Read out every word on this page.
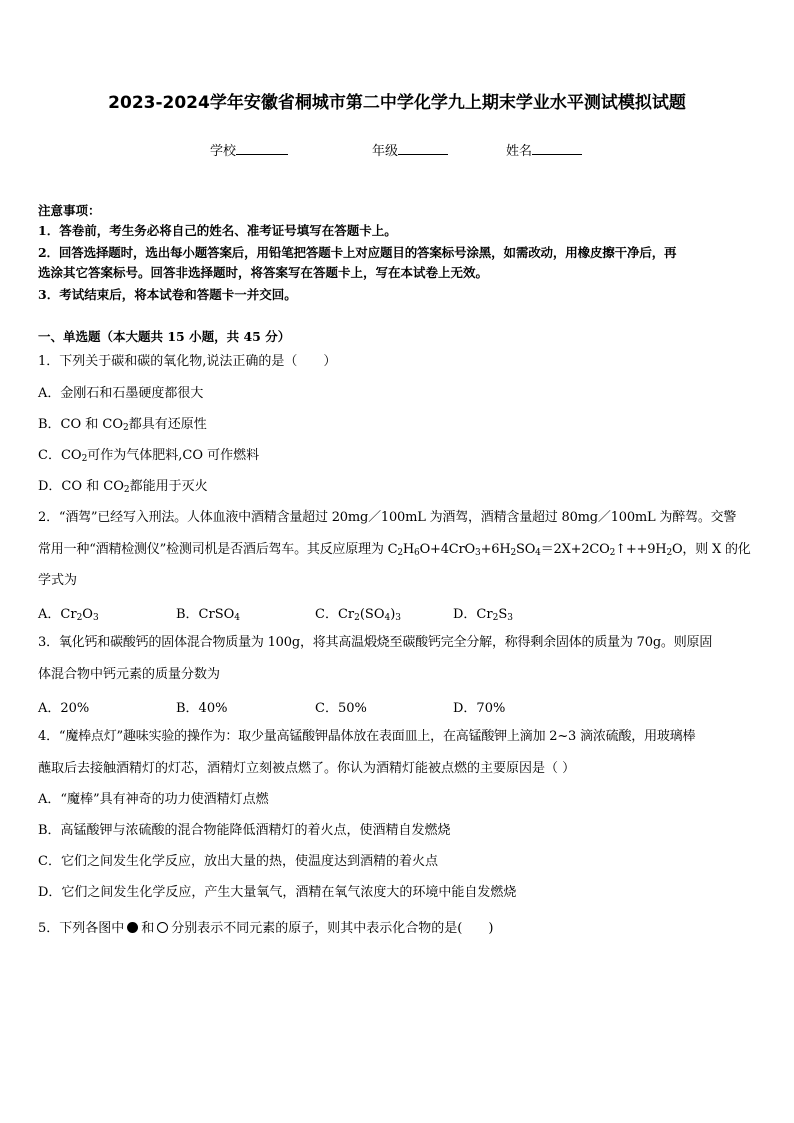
2023-2024学年安徽省桐城市第二中学化学九上期末学业水平测试模拟试题
学校	年级	姓名
注意事项：
1．答卷前，考生务必将自己的姓名、准考证号填写在答题卡上。
2．回答选择题时，选出每小题答案后，用铅笔把答题卡上对应题目的答案标号涂黑，如需改动，用橡皮擦干净后，再
选涂其它答案标号。回答非选择题时，将答案写在答题卡上，写在本试卷上无效。
3．考试结束后，将本试卷和答题卡一并交回。
一、单选题（本大题共 15 小题，共 45 分）
1．下列关于碳和碳的氧化物,说法正确的是（　　）
A．金刚石和石墨硬度都很大
B．CO 和 $CO_2$都具有还原性
C．$CO_2$可作为气体肥料,CO 可作燃料
D．CO 和 $CO_2$都能用于灭火
2．“酒驾”已经写入刑法。人体血液中酒精含量超过 20mg／100mL 为酒驾，酒精含量超过 80mg／100mL 为醉驾。交警
常用一种“酒精检测仪”检测司机是否酒后驾车。其反应原理为 $C_2H_6O+4CrO_3+6H_2SO_4=2X+2CO_2↑++9H_2O$，则 X 的化
学式为
A．$Cr_2O_3$	B．CrSO$_4$	C．$Cr_2(SO_4)_3$	D．$Cr_2S_3$
3．氧化钙和碳酸钙的固体混合物质量为 100g，将其高温煅烧至碳酸钙完全分解，称得剩余固体的质量为 70g。则原固
体混合物中钙元素的质量分数为
A．20%	B．40%	C．50%	D．70%
4．“魔棒点灯”趣味实验的操作为：取少量高锰酸钾晶体放在表面皿上，在高锰酸钾上滴加 2~3 滴浓硫酸，用玻璃棒
蘸取后去接触酒精灯的灯芯，酒精灯立刻被点燃了。你认为酒精灯能被点燃的主要原因是（ ）
A．“魔棒”具有神奇的功力使酒精灯点燃
B．高锰酸钾与浓硫酸的混合物能降低酒精灯的着火点，使酒精自发燃烧
C．它们之间发生化学反应，放出大量的热，使温度达到酒精的着火点
D．它们之间发生化学反应，产生大量氧气，酒精在氧气浓度大的环境中能自发燃烧
5．下列各图中 和 分别表示不同元素的原子，则其中表示化合物的是(　　)
